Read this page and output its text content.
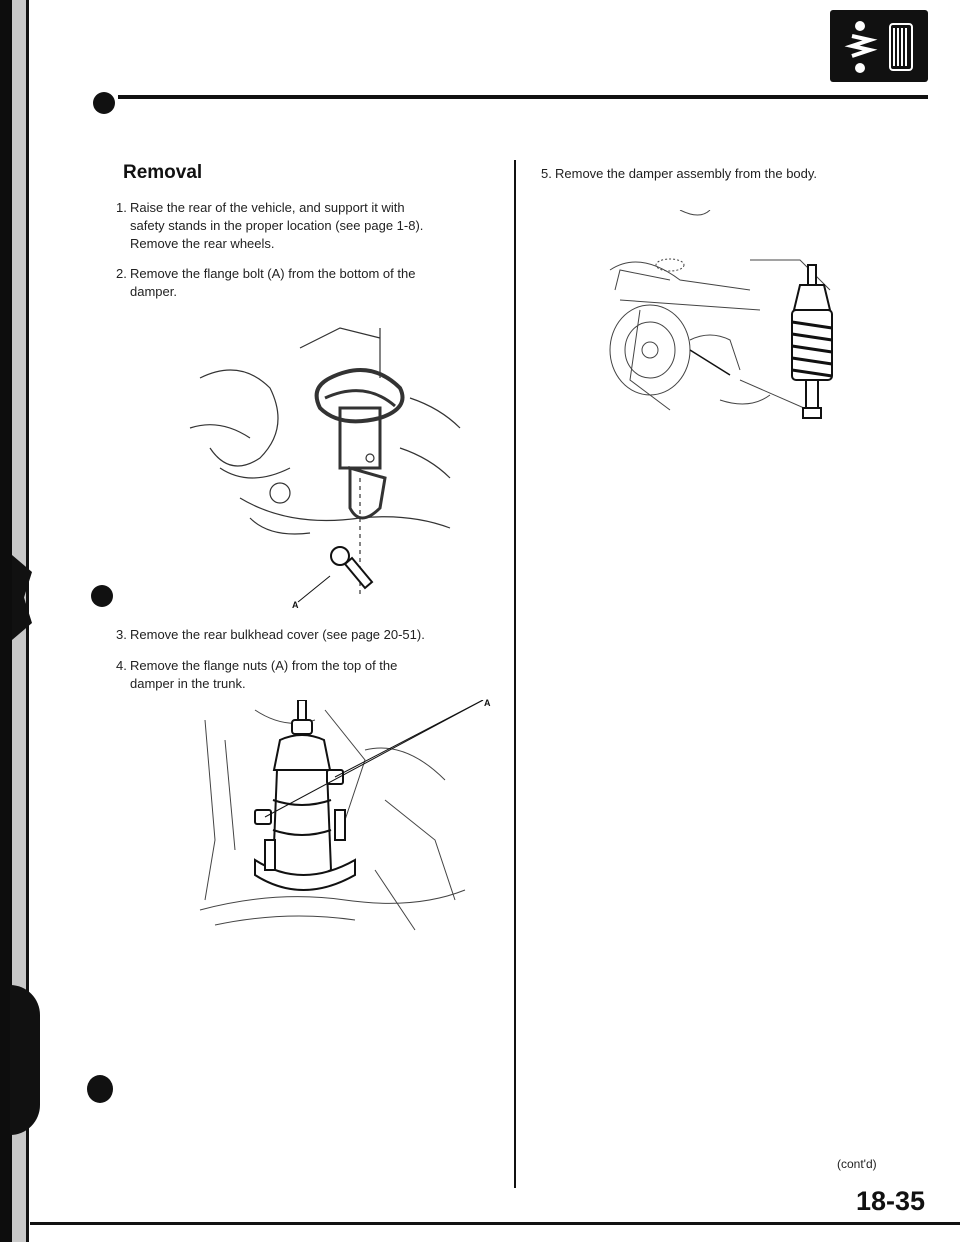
Removal
1. Raise the rear of the vehicle, and support it with
safety stands in the proper location (see page 1-8).
Remove the rear wheels.
2. Remove the flange bolt (A) from the bottom of the
damper.
A
3. Remove the rear bulkhead cover (see page 20-51).
4. Remove the flange nuts (A) from the top of the
damper in the trunk.
A
5. Remove the damper assembly from the body.
(cont'd)
18-35
